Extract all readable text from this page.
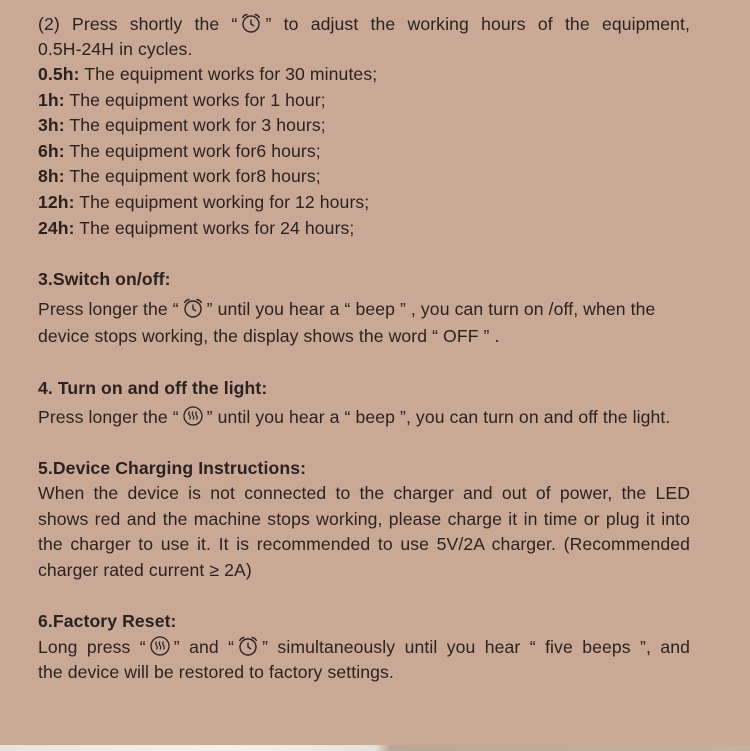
(2) Press shortly the “ ” to adjust the working hours of the equipment,
0.5H-24H in cycles.
0.5h: The equipment works for 30 minutes;
1h: The equipment works for 1 hour;
3h: The equipment work for 3 hours;
6h: The equipment work for6 hours;
8h: The equipment work for8 hours;
12h: The equipment working for 12 hours;
24h: The equipment works for 24 hours;
3.Switch on/off:
Press longer the “ ” until you hear a “ beep ” , you can turn on /off, when the
device stops working, the display shows the word “ OFF ” .
4. Turn on and off the light:
Press longer the “ ” until you hear a “ beep ”, you can turn on and off the light.
5.Device Charging Instructions:
When the device is not connected to the charger and out of power, the LED
shows red and the machine stops working, please charge it in time or plug it into
the charger to use it. It is recommended to use 5V/2A charger. (Recommended
charger rated current ≥ 2A)
6.Factory Reset:
Long press “ ” and “ ” simultaneously until you hear “ five beeps ”, and
the device will be restored to factory settings.
